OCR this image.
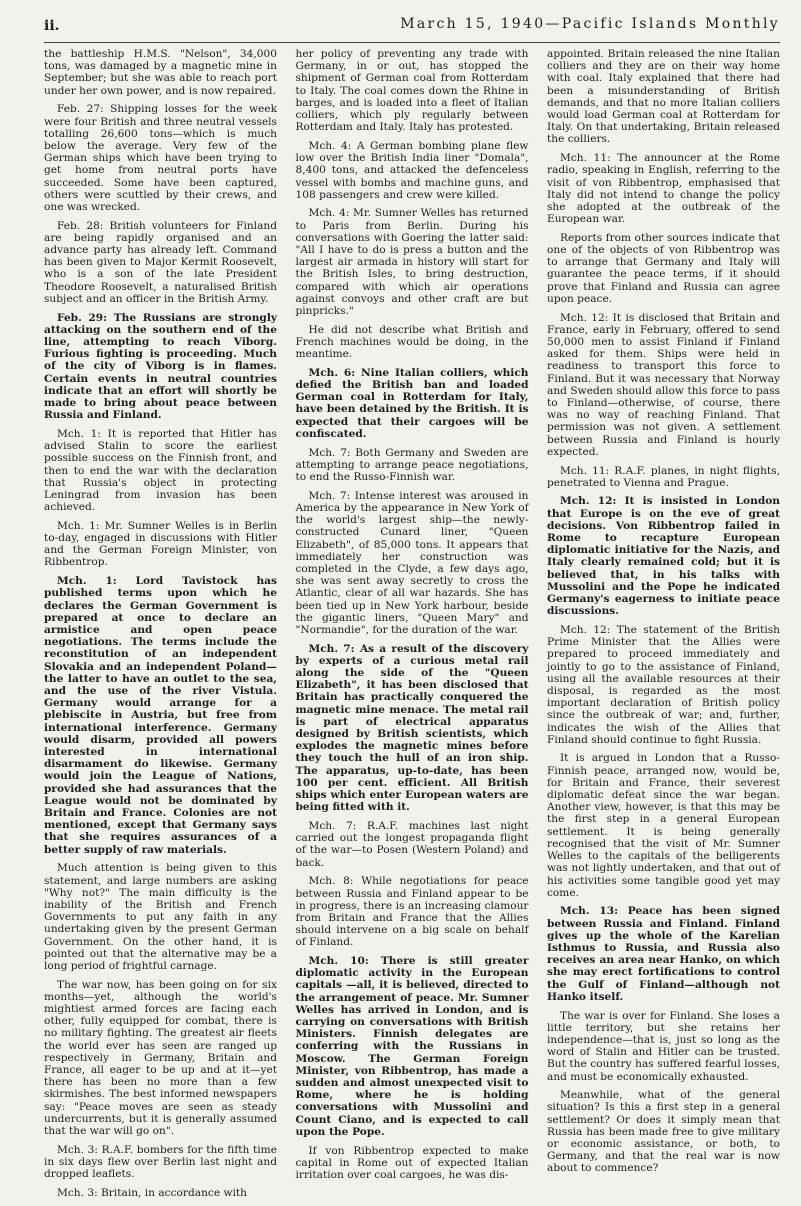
ii.	March 15, 1940—Pacific Islands Monthly

the battleship H.M.S. "Nelson", 34,000 tons, was damaged by a magnetic mine in September; but she was able to reach port under her own power, and is now repaired.

Feb. 27: Shipping losses for the week were four British and three neutral vessels totalling 26,600 tons—which is much below the average. Very few of the German ships which have been trying to get home from neutral ports have succeeded. Some have been captured, others were scuttled by their crews, and one was wrecked.

Feb. 28: British volunteers for Finland are being rapidly organised and an advance party has already left. Command has been given to Major Kermit Roosevelt, who is a son of the late President Theodore Roosevelt, a naturalised British subject and an officer in the British Army.

Feb. 29: The Russians are strongly attacking on the southern end of the line, attempting to reach Viborg. Furious fighting is proceeding. Much of the city of Viborg is in flames. Certain events in neutral countries indicate that an effort will shortly be made to bring about peace between Russia and Finland.

Mch. 1: It is reported that Hitler has advised Stalin to score the earliest possible success on the Finnish front, and then to end the war with the declaration that Russia's object in protecting Leningrad from invasion has been achieved.

Mch. 1: Mr. Sumner Welles is in Berlin to-day, engaged in discussions with Hitler and the German Foreign Minister, von Ribbentrop.

Mch. 1: Lord Tavistock has published terms upon which he declares the German Government is prepared at once to declare an armistice and open peace negotiations. The terms include the reconstitution of an independent Slovakia and an independent Poland—the latter to have an outlet to the sea, and the use of the river Vistula. Germany would arrange for a plebiscite in Austria, but free from international interference. Germany would disarm, provided all powers interested in international disarmament do likewise. Germany would join the League of Nations, provided she had assurances that the League would not be dominated by Britain and France. Colonies are not mentioned, except that Germany says that she requires assurances of a better supply of raw materials.

Much attention is being given to this statement, and large numbers are asking "Why not?" The main difficulty is the inability of the British and French Governments to put any faith in any undertaking given by the present German Government. On the other hand, it is pointed out that the alternative may be a long period of frightful carnage.

The war now, has been going on for six months—yet, although the world's mightiest armed forces are facing each other, fully equipped for combat, there is no military fighting. The greatest air fleets the world ever has seen are ranged up respectively in Germany, Britain and France, all eager to be up and at it—yet there has been no more than a few skirmishes. The best informed newspapers say: "Peace moves are seen as steady undercurrents, but it is generally assumed that the war will go on".

Mch. 3: R.A.F. bombers for the fifth time in six days flew over Berlin last night and dropped leaflets.

Mch. 3: Britain, in accordance with

her policy of preventing any trade with Germany, in or out, has stopped the shipment of German coal from Rotterdam to Italy. The coal comes down the Rhine in barges, and is loaded into a fleet of Italian colliers, which ply regularly between Rotterdam and Italy. Italy has protested.

Mch. 4: A German bombing plane flew low over the British India liner "Domala", 8,400 tons, and attacked the defenceless vessel with bombs and machine guns, and 108 passengers and crew were killed.

Mch. 4: Mr. Sumner Welles has returned to Paris from Berlin. During his conversations with Goering the latter said: "All I have to do is press a button and the largest air armada in history will start for the British Isles, to bring destruction, compared with which air operations against convoys and other craft are but pinpricks."

He did not describe what British and French machines would be doing, in the meantime.

Mch. 6: Nine Italian colliers, which defied the British ban and loaded German coal in Rotterdam for Italy, have been detained by the British. It is expected that their cargoes will be confiscated.

Mch. 7: Both Germany and Sweden are attempting to arrange peace negotiations, to end the Russo-Finnish war.

Mch. 7: Intense interest was aroused in America by the appearance in New York of the world's largest ship—the newly-constructed Cunard liner, "Queen Elizabeth", of 85,000 tons. It appears that immediately her construction was completed in the Clyde, a few days ago, she was sent away secretly to cross the Atlantic, clear of all war hazards. She has been tied up in New York harbour, beside the gigantic liners, "Queen Mary" and "Normandie", for the duration of the war.

Mch. 7: As a result of the discovery by experts of a curious metal rail along the side of the "Queen Elizabeth", it has been disclosed that Britain has practically conquered the magnetic mine menace. The metal rail is part of electrical apparatus designed by British scientists, which explodes the magnetic mines before they touch the hull of an iron ship. The apparatus, up-to-date, has been 100 per cent. efficient. All British ships which enter European waters are being fitted with it.

Mch. 7: R.A.F. machines last night carried out the longest propaganda flight of the war—to Posen (Western Poland) and back.

Mch. 8: While negotiations for peace between Russia and Finland appear to be in progress, there is an increasing clamour from Britain and France that the Allies should intervene on a big scale on behalf of Finland.

Mch. 10: There is still greater diplomatic activity in the European capitals —all, it is believed, directed to the arrangement of peace. Mr. Sumner Welles has arrived in London, and is carrying on conversations with British Ministers. Finnish delegates are conferring with the Russians in Moscow. The German Foreign Minister, von Ribbentrop, has made a sudden and almost unexpected visit to Rome, where he is holding conversations with Mussolini and Count Ciano, and is expected to call upon the Pope.

If von Ribbentrop expected to make capital in Rome out of expected Italian irritation over coal cargoes, he was dis-

appointed. Britain released the nine Italian colliers and they are on their way home with coal. Italy explained that there had been a misunderstanding of British demands, and that no more Italian colliers would load German coal at Rotterdam for Italy. On that undertaking, Britain released the colliers.

Mch. 11: The announcer at the Rome radio, speaking in English, referring to the visit of von Ribbentrop, emphasised that Italy did not intend to change the policy she adopted at the outbreak of the European war.

Reports from other sources indicate that one of the objects of von Ribbentrop was to arrange that Germany and Italy will guarantee the peace terms, if it should prove that Finland and Russia can agree upon peace.

Mch. 12: It is disclosed that Britain and France, early in February, offered to send 50,000 men to assist Finland if Finland asked for them. Ships were held in readiness to transport this force to Finland. But it was necessary that Norway and Sweden should allow this force to pass to Finland—otherwise, of course, there was no way of reaching Finland. That permission was not given. A settlement between Russia and Finland is hourly expected.

Mch. 11: R.A.F. planes, in night flights, penetrated to Vienna and Prague.

Mch. 12: It is insisted in London that Europe is on the eve of great decisions. Von Ribbentrop failed in Rome to recapture European diplomatic initiative for the Nazis, and Italy clearly remained cold; but it is believed that, in his talks with Mussolini and the Pope he indicated Germany's eagerness to initiate peace discussions.

Mch. 12: The statement of the British Prime Minister that the Allies were prepared to proceed immediately and jointly to go to the assistance of Finland, using all the available resources at their disposal, is regarded as the most important declaration of British policy since the outbreak of war; and, further, indicates the wish of the Allies that Finland should continue to fight Russia.

It is argued in London that a Russo-Finnish peace, arranged now, would be, for Britain and France, their severest diplomatic defeat since the war began. Another view, however, is that this may be the first step in a general European settlement. It is being generally recognised that the visit of Mr. Sumner Welles to the capitals of the belligerents was not lightly undertaken, and that out of his activities some tangible good yet may come.

Mch. 13: Peace has been signed between Russia and Finland. Finland gives up the whole of the Karelian Isthmus to Russia, and Russia also receives an area near Hanko, on which she may erect fortifications to control the Gulf of Finland—although not Hanko itself.

The war is over for Finland. She loses a little territory, but she retains her independence—that is, just so long as the word of Stalin and Hitler can be trusted. But the country has suffered fearful losses, and must be economically exhausted.

Meanwhile, what of the general situation? Is this a first step in a general settlement? Or does it simply mean that Russia has been made free to give military or economic assistance, or both, to Germany, and that the real war is now about to commence?
